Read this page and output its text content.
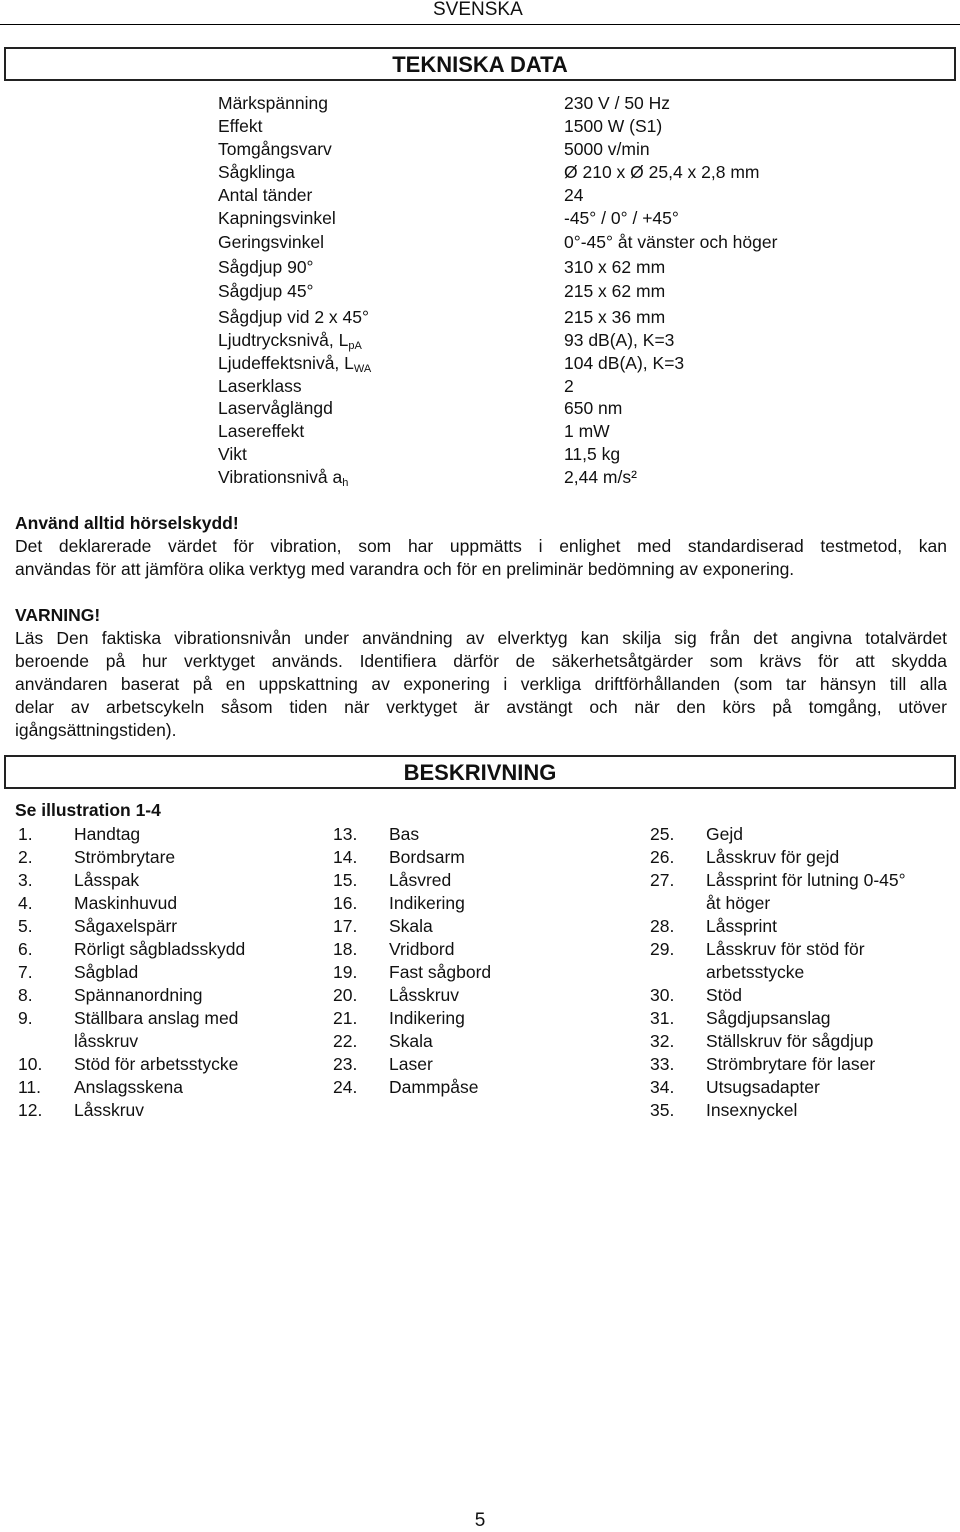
SVENSKA
TEKNISKA DATA
Märkspänning	230 V / 50 Hz
Effekt	1500 W (S1)
Tomgångsvarv	5000 v/min
Sågklinga	Ø 210 x Ø 25,4 x 2,8 mm
Antal tänder	24
Kapningsvinkel	-45° / 0° / +45°
Geringsvinkel	0°-45° åt vänster och höger
Sågdjup 90°	310 x 62 mm
Sågdjup 45°	215 x 62 mm
Sågdjup vid 2 x 45°	215 x 36 mm
Ljudtrycksnivå, $L_{pA}$	93 dB(A), K=3
Ljudeffektsnivå, $L_{WA}$	104 dB(A), K=3
Laserklass	2
Laservåglängd	650 nm
Lasereffekt	1 mW
Vikt	11,5 kg
Vibrationsnivå $a_h$	2,44 m/s²
Använd alltid hörselskydd!
Det deklarerade värdet för vibration, som har uppmätts i enlighet med standardiserad testmetod, kan
användas för att jämföra olika verktyg med varandra och för en preliminär bedömning av exponering.
VARNING!
Läs Den faktiska vibrationsnivån under användning av elverktyg kan skilja sig från det angivna totalvärdet
beroende på hur verktyget används. Identifiera därför de säkerhetsåtgärder som krävs för att skydda
användaren baserat på en uppskattning av exponering i verkliga driftförhållanden (som tar hänsyn till alla
delar av arbetscykeln såsom tiden när verktyget är avstängt och när den körs på tomgång, utöver
igångsättningstiden).
BESKRIVNING
Se illustration 1-4
1.	Handtag
2.	Strömbrytare
3.	Låsspak
4.	Maskinhuvud
5.	Sågaxelspärr
6.	Rörligt sågbladsskydd
7.	Sågblad
8.	Spännanordning
9.	Ställbara anslag med
låsskruv
10.	Stöd för arbetsstycke
11.	Anslagsskena
12.	Låsskruv
13.	Bas
14.	Bordsarm
15.	Låsvred
16.	Indikering
17.	Skala
18.	Vridbord
19.	Fast sågbord
20.	Låsskruv
21.	Indikering
22.	Skala
23.	Laser
24.	Dammpåse
25.	Gejd
26.	Låsskruv för gejd
27.	Låssprint för lutning 0-45°
åt höger
28.	Låssprint
29.	Låsskruv för stöd för
arbetsstycke
30.	Stöd
31.	Sågdjupsanslag
32.	Ställskruv för sågdjup
33.	Strömbrytare för laser
34.	Utsugsadapter
35.	Insexnyckel
5
